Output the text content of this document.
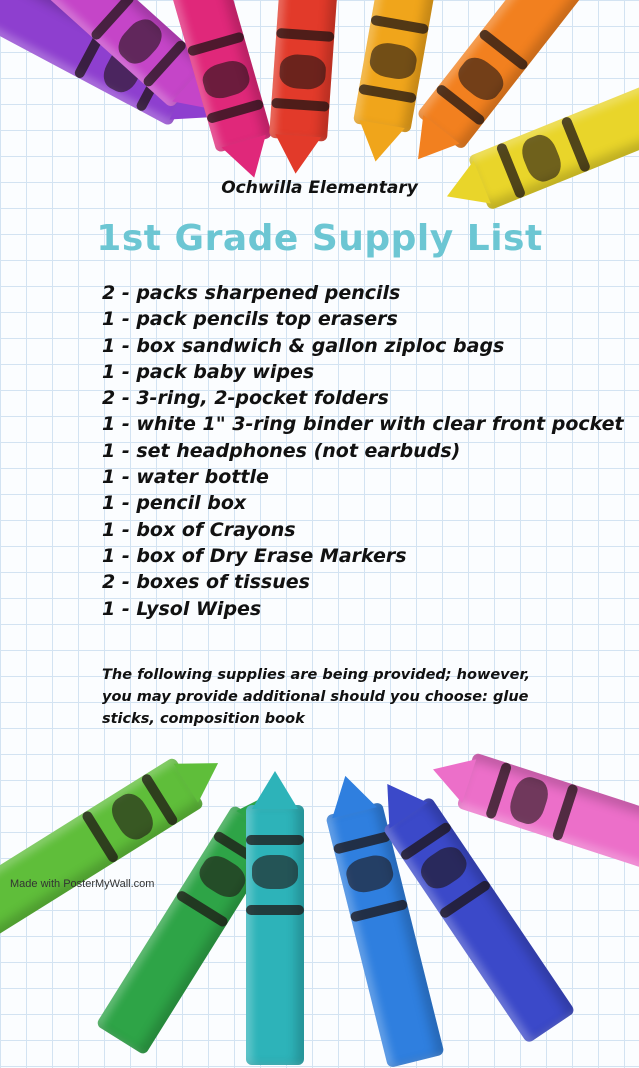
Ochwilla Elementary
1st Grade Supply List
2 - packs sharpened pencils
1 - pack pencils top erasers
1 - box sandwich & gallon ziploc bags
1 - pack baby wipes
2 - 3-ring, 2-pocket folders
1 - white 1" 3-ring binder with clear front pocket
1 - set headphones (not earbuds)
1 - water bottle
1 - pencil box
1 - box of Crayons
1 - box of Dry Erase Markers
2 - boxes of tissues
1 - Lysol Wipes
The following supplies are being provided; however, you may provide additional should you choose: glue sticks, composition book
Made with PosterMyWall.com
